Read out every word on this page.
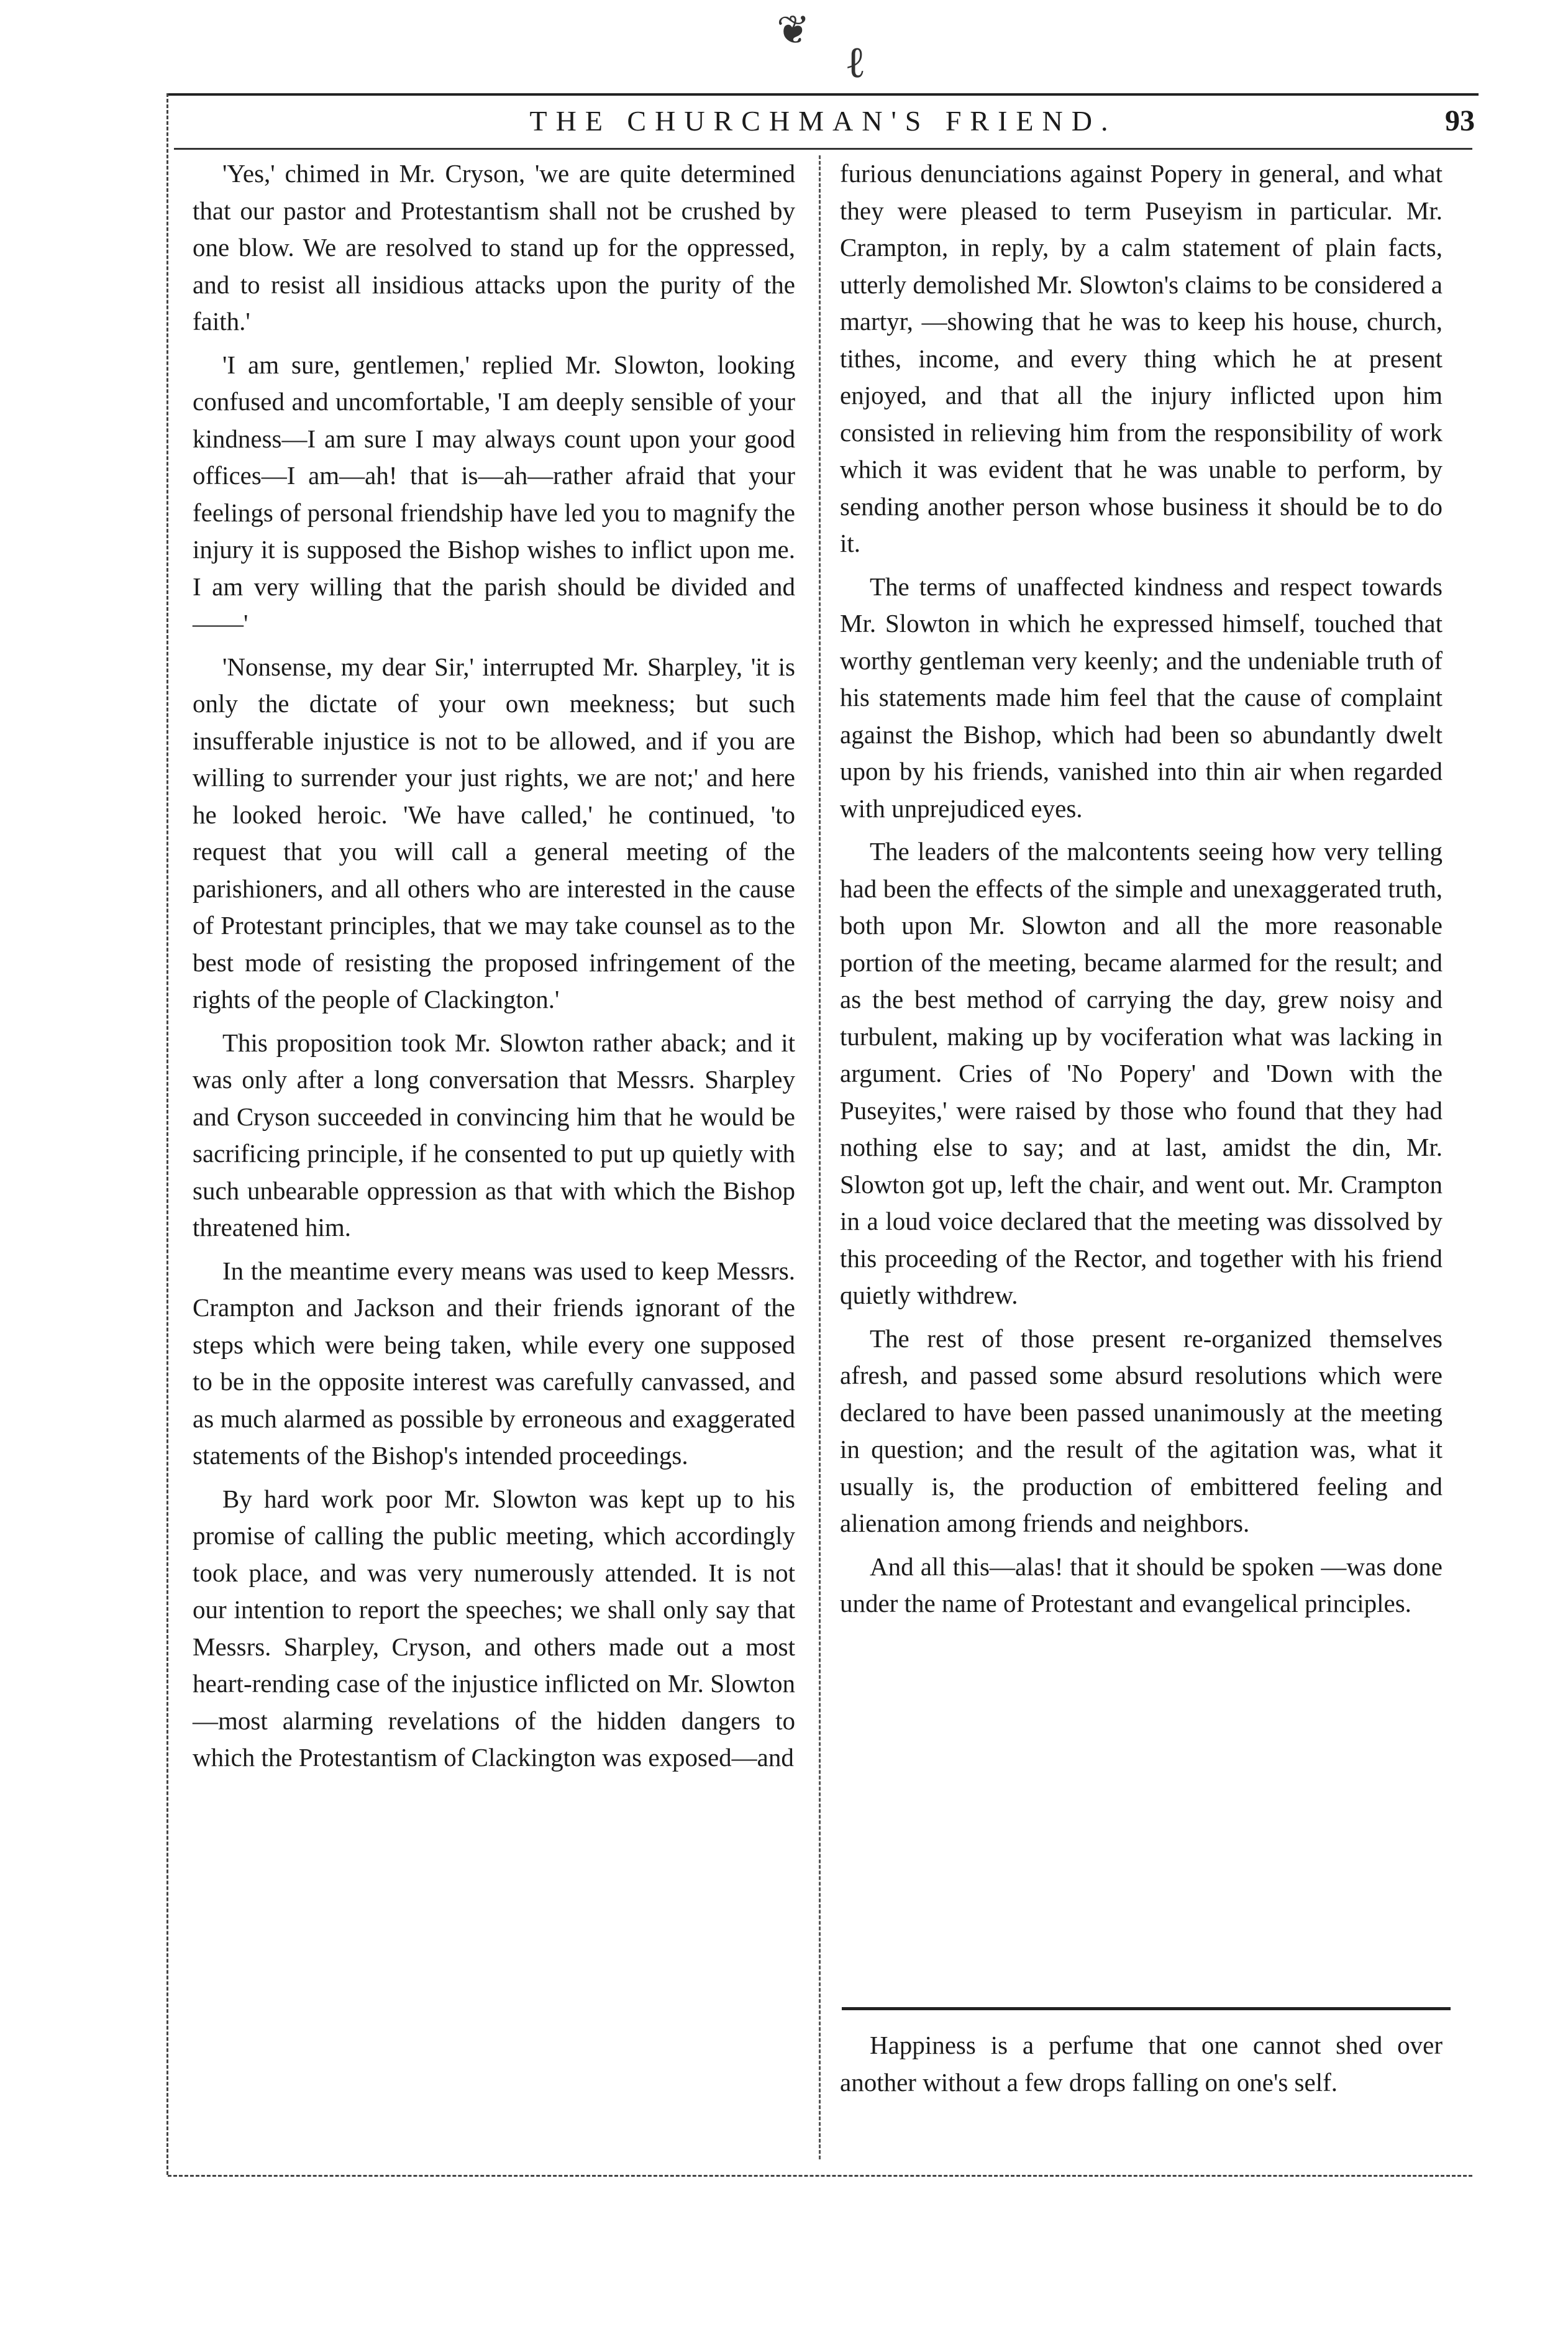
❦
ℓ
THE CHURCHMAN'S FRIEND.	93

'Yes,' chimed in Mr. Cryson, 'we are quite determined that our pastor and Protestantism shall not be crushed by one blow. We are resolved to stand up for the oppressed, and to resist all insidious attacks upon the purity of the faith.'

'I am sure, gentlemen,' replied Mr. Slowton, looking confused and uncomfortable, 'I am deeply sensible of your kindness—I am sure I may always count upon your good offices—I am—ah! that is—ah—rather afraid that your feelings of personal friendship have led you to magnify the injury it is supposed the Bishop wishes to inflict upon me. I am very willing that the parish should be divided and——'

'Nonsense, my dear Sir,' interrupted Mr. Sharpley, 'it is only the dictate of your own meekness; but such insufferable injustice is not to be allowed, and if you are willing to surrender your just rights, we are not;' and here he looked heroic. 'We have called,' he continued, 'to request that you will call a general meeting of the parishioners, and all others who are interested in the cause of Protestant principles, that we may take counsel as to the best mode of resisting the proposed infringement of the rights of the people of Clackington.'

This proposition took Mr. Slowton rather aback; and it was only after a long conversation that Messrs. Sharpley and Cryson succeeded in convincing him that he would be sacrificing principle, if he consented to put up quietly with such unbearable oppression as that with which the Bishop threatened him.

In the meantime every means was used to keep Messrs. Crampton and Jackson and their friends ignorant of the steps which were being taken, while every one supposed to be in the opposite interest was carefully canvassed, and as much alarmed as possible by erroneous and exaggerated statements of the Bishop's intended proceedings.

By hard work poor Mr. Slowton was kept up to his promise of calling the public meeting, which accordingly took place, and was very numerously attended. It is not our intention to report the speeches; we shall only say that Messrs. Sharpley, Cryson, and others made out a most heart-rending case of the injustice inflicted on Mr. Slowton—most alarming revelations of the hidden dangers to which the Protestantism of Clackington was exposed—and

furious denunciations against Popery in general, and what they were pleased to term Puseyism in particular. Mr. Crampton, in reply, by a calm statement of plain facts, utterly demolished Mr. Slowton's claims to be considered a martyr, —showing that he was to keep his house, church, tithes, income, and every thing which he at present enjoyed, and that all the injury inflicted upon him consisted in relieving him from the responsibility of work which it was evident that he was unable to perform, by sending another person whose business it should be to do it.

The terms of unaffected kindness and respect towards Mr. Slowton in which he expressed himself, touched that worthy gentleman very keenly; and the undeniable truth of his statements made him feel that the cause of complaint against the Bishop, which had been so abundantly dwelt upon by his friends, vanished into thin air when regarded with unprejudiced eyes.

The leaders of the malcontents seeing how very telling had been the effects of the simple and unexaggerated truth, both upon Mr. Slowton and all the more reasonable portion of the meeting, became alarmed for the result; and as the best method of carrying the day, grew noisy and turbulent, making up by vociferation what was lacking in argument. Cries of 'No Popery' and 'Down with the Puseyites,' were raised by those who found that they had nothing else to say; and at last, amidst the din, Mr. Slowton got up, left the chair, and went out. Mr. Crampton in a loud voice declared that the meeting was dissolved by this proceeding of the Rector, and together with his friend quietly withdrew.

The rest of those present re-organized themselves afresh, and passed some absurd resolutions which were declared to have been passed unanimously at the meeting in question; and the result of the agitation was, what it usually is, the production of embittered feeling and alienation among friends and neighbors.

And all this—alas! that it should be spoken —was done under the name of Protestant and evangelical principles.

Happiness is a perfume that one cannot shed over another without a few drops falling on one's self.
